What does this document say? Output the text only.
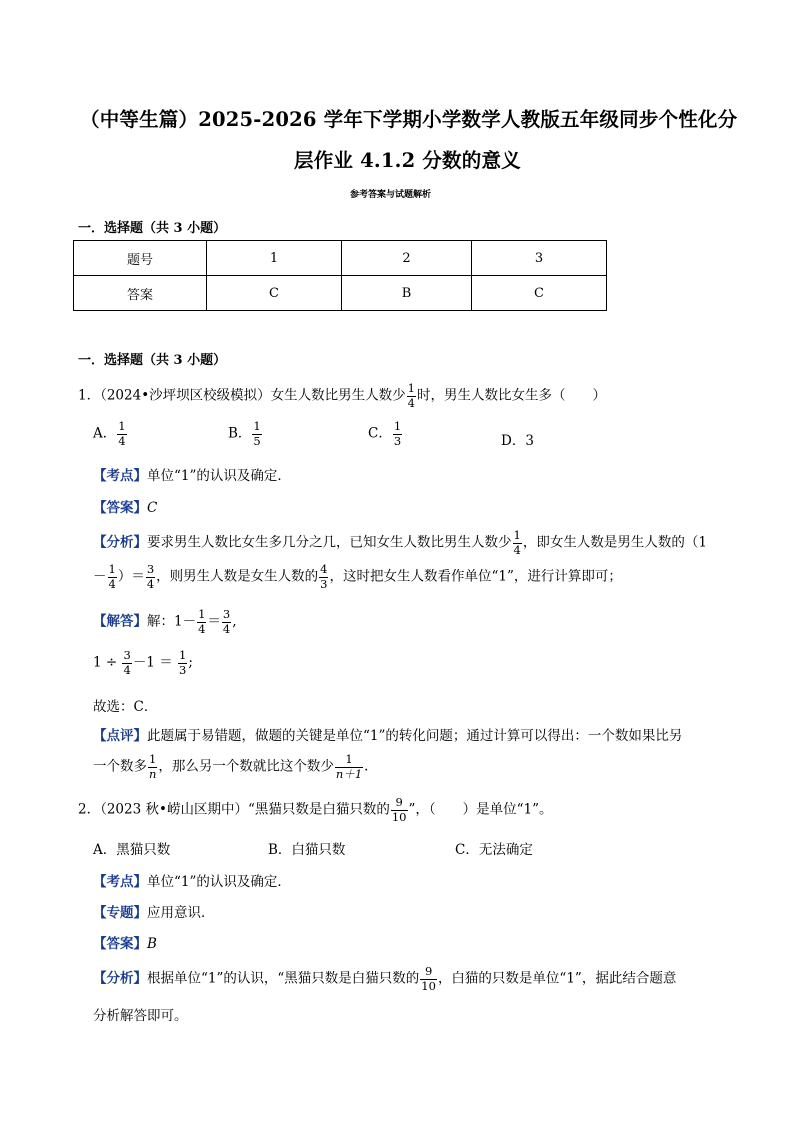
（中等生篇）2025-2026 学年下学期小学数学人教版五年级同步个性化分
层作业 4.1.2 分数的意义
参考答案与试题解析
一．选择题（共 3 小题）
题号	1	2	3
答案	C	B	C
一．选择题（共 3 小题）
1．（2024•沙坪坝区校级模拟）女生人数比男生人数少 $\frac{1}{4}$ 时，男生人数比女生多（　　）
A． $\frac{1}{4}$	B． $\frac{1}{5}$	C． $\frac{1}{3}$	D．3
【考点】单位“1”的认识及确定．
【答案】C
【分析】要求男生人数比女生多几分之几，已知女生人数比男生人数少 $\frac{1}{4}$ ，即女生人数是男生人数的（1
－ $\frac{1}{4}$ ）＝ $\frac{3}{4}$ ，则男生人数是女生人数的 $\frac{4}{3}$ ，这时把女生人数看作单位“1”，进行计算即可；
【解答】解：$1- \frac{1}{4} = \frac{3}{4}$ ,
$1 \div \frac{3}{4} -1 = \frac{1}{3}$ ;
故选：C．
【点评】此题属于易错题，做题的关键是单位“1”的转化问题；通过计算可以得出：一个数如果比另
一个数多 $\frac{1}{n}$ ，那么另一个数就比这个数少 $\frac{1}{n+1}$ .
2．（2023 秋•崂山区期中）“黑猫只数是白猫只数的 $\frac{9}{10}$ ”，（　　）是单位“1”。
A．黑猫只数	B．白猫只数	C．无法确定
【考点】单位“1”的认识及确定．
【专题】应用意识．
【答案】B
【分析】根据单位“1”的认识，“黑猫只数是白猫只数的 $\frac{9}{10}$ ，白猫的只数是单位“1”，据此结合题意
分析解答即可。
